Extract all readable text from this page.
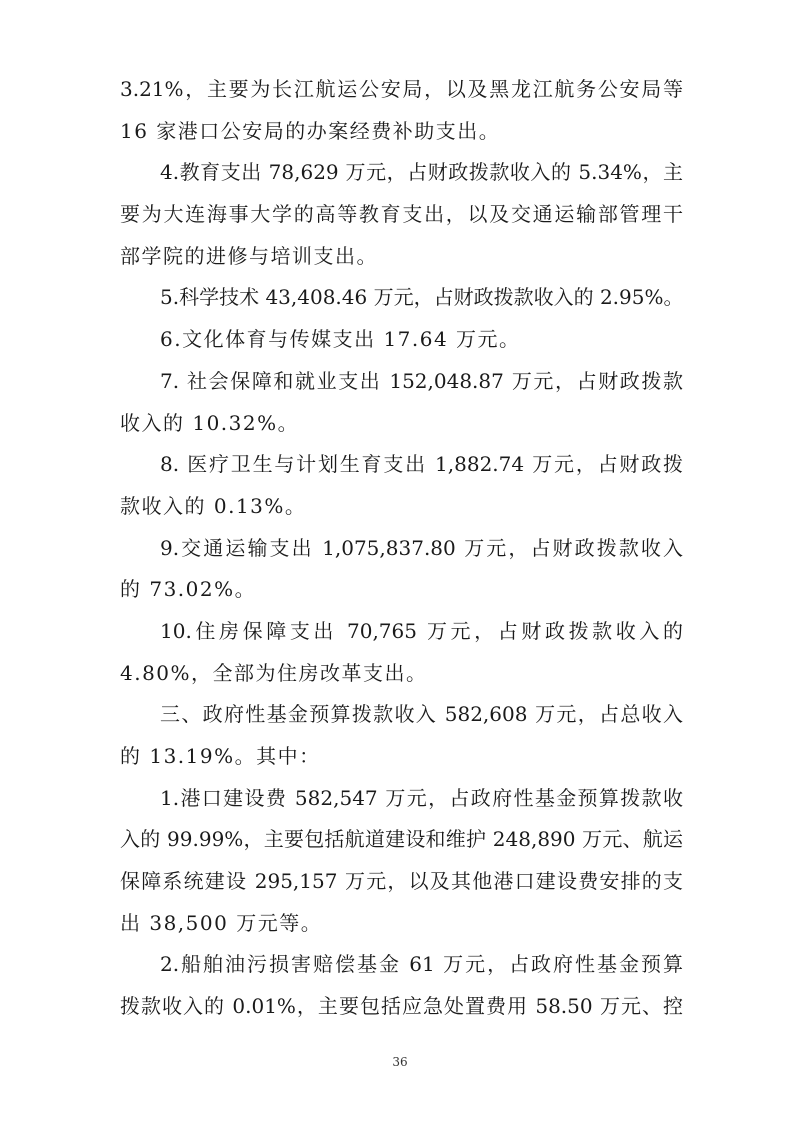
3.21%，主要为长江航运公安局，以及黑龙江航务公安局等
16 家港口公安局的办案经费补助支出。
4.教育支出 78,629 万元，占财政拨款收入的 5.34%，主
要为大连海事大学的高等教育支出，以及交通运输部管理干
部学院的进修与培训支出。
5.科学技术 43,408.46 万元，占财政拨款收入的 2.95%。
6.文化体育与传媒支出 17.64 万元。
7. 社会保障和就业支出 152,048.87 万元，占财政拨款
收入的 10.32%。
8. 医疗卫生与计划生育支出 1,882.74 万元，占财政拨
款收入的 0.13%。
9.交通运输支出 1,075,837.80 万元，占财政拨款收入
的 73.02%。
10.住房保障支出 70,765 万元，占财政拨款收入的
4.80%，全部为住房改革支出。
三、政府性基金预算拨款收入 582,608 万元，占总收入
的 13.19%。其中：
1.港口建设费 582,547 万元，占政府性基金预算拨款收
入的 99.99%，主要包括航道建设和维护 248,890 万元、航运
保障系统建设 295,157 万元，以及其他港口建设费安排的支
出 38,500 万元等。
2.船舶油污损害赔偿基金 61 万元，占政府性基金预算
拨款收入的 0.01%，主要包括应急处置费用 58.50 万元、控
36
